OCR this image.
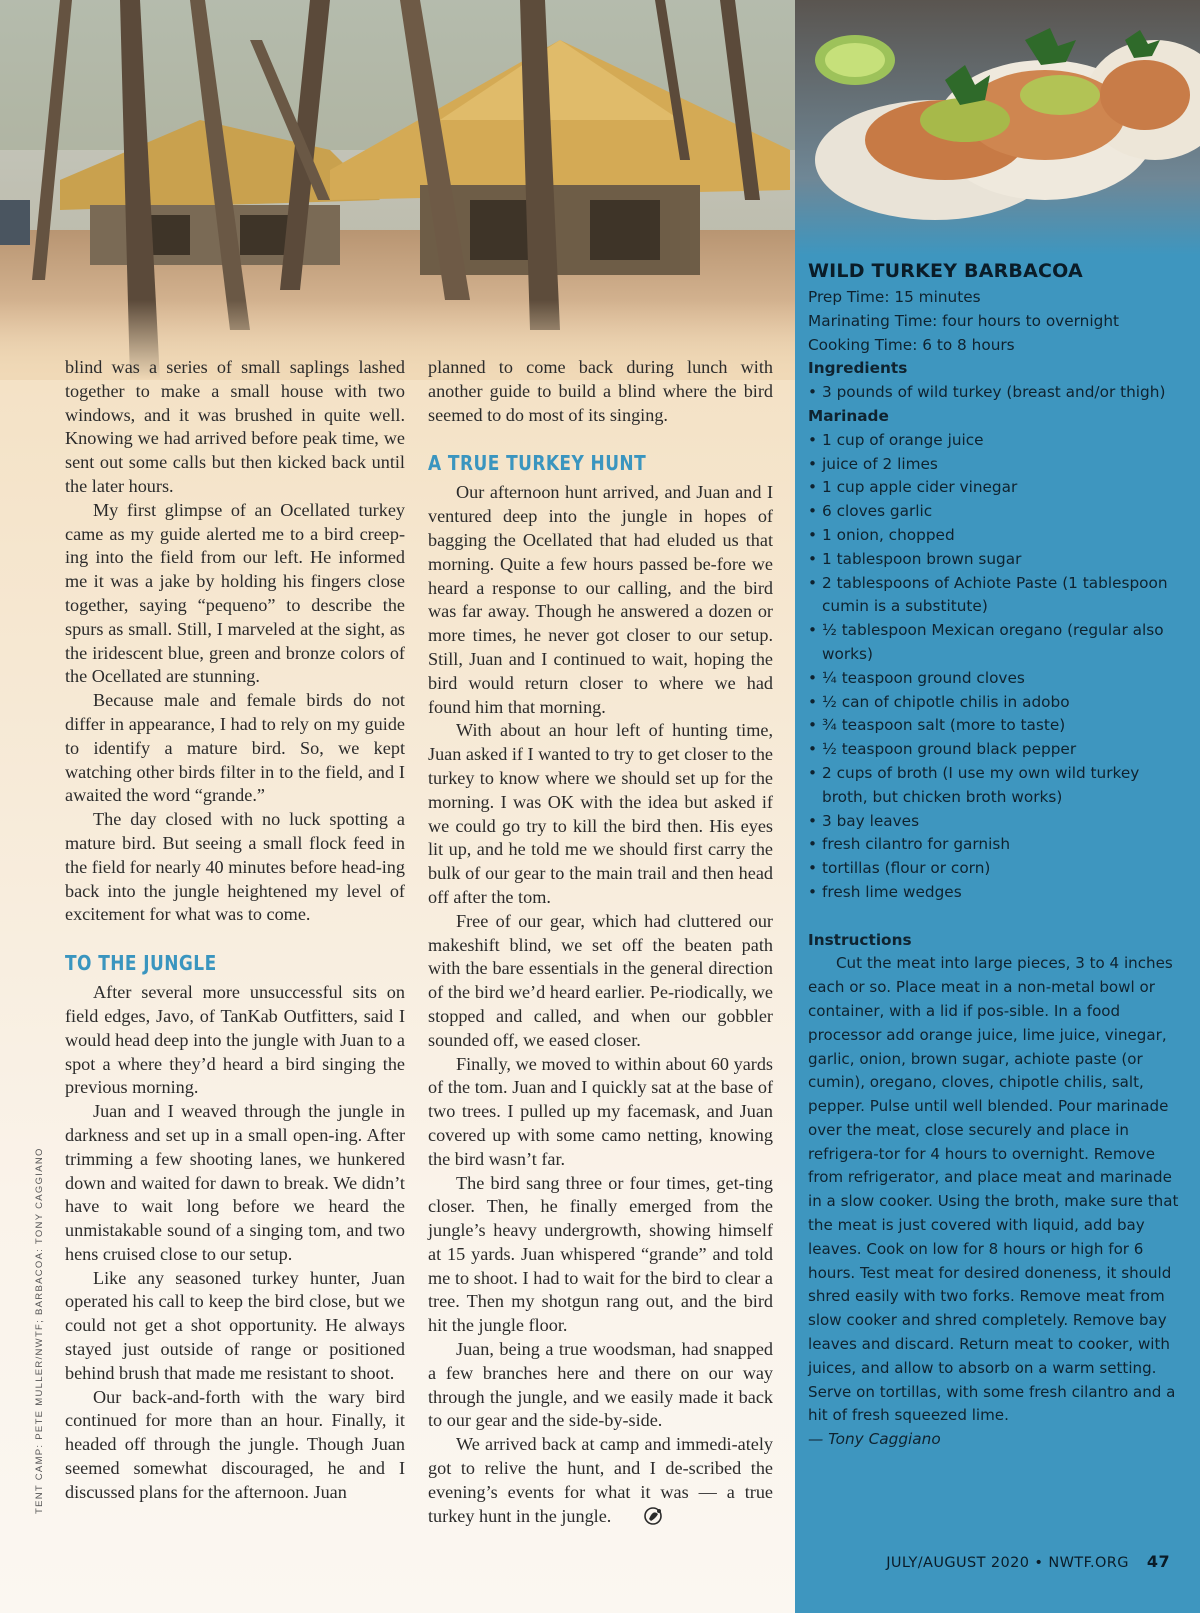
blind was a series of small saplings lashed together to make a small house with two windows, and it was brushed in quite well. Knowing we had arrived before peak time, we sent out some calls but then kicked back until the later hours.

My first glimpse of an Ocellated turkey came as my guide alerted me to a bird creep-ing into the field from our left. He informed me it was a jake by holding his fingers close together, saying “pequeno” to describe the spurs as small. Still, I marveled at the sight, as the iridescent blue, green and bronze colors of the Ocellated are stunning.

Because male and female birds do not differ in appearance, I had to rely on my guide to identify a mature bird. So, we kept watching other birds filter in to the field, and I awaited the word “grande.”

The day closed with no luck spotting a mature bird. But seeing a small flock feed in the field for nearly 40 minutes before head-ing back into the jungle heightened my level of excitement for what was to come.

TO THE JUNGLE

After several more unsuccessful sits on field edges, Javo, of TanKab Outfitters, said I would head deep into the jungle with Juan to a spot a where they’d heard a bird singing the previous morning.

Juan and I weaved through the jungle in darkness and set up in a small open-ing. After trimming a few shooting lanes, we hunkered down and waited for dawn to break. We didn’t have to wait long before we heard the unmistakable sound of a singing tom, and two hens cruised close to our setup.

Like any seasoned turkey hunter, Juan operated his call to keep the bird close, but we could not get a shot opportunity. He always stayed just outside of range or positioned behind brush that made me resistant to shoot.

Our back-and-forth with the wary bird continued for more than an hour. Finally, it headed off through the jungle. Though Juan seemed somewhat discouraged, he and I discussed plans for the afternoon. Juan

planned to come back during lunch with another guide to build a blind where the bird seemed to do most of its singing.

A TRUE TURKEY HUNT

Our afternoon hunt arrived, and Juan and I ventured deep into the jungle in hopes of bagging the Ocellated that had eluded us that morning. Quite a few hours passed be-fore we heard a response to our calling, and the bird was far away. Though he answered a dozen or more times, he never got closer to our setup. Still, Juan and I continued to wait, hoping the bird would return closer to where we had found him that morning.

With about an hour left of hunting time, Juan asked if I wanted to try to get closer to the turkey to know where we should set up for the morning. I was OK with the idea but asked if we could go try to kill the bird then. His eyes lit up, and he told me we should first carry the bulk of our gear to the main trail and then head off after the tom.

Free of our gear, which had cluttered our makeshift blind, we set off the beaten path with the bare essentials in the general direction of the bird we’d heard earlier. Pe-riodically, we stopped and called, and when our gobbler sounded off, we eased closer.

Finally, we moved to within about 60 yards of the tom. Juan and I quickly sat at the base of two trees. I pulled up my facemask, and Juan covered up with some camo netting, knowing the bird wasn’t far.

The bird sang three or four times, get-ting closer. Then, he finally emerged from the jungle’s heavy undergrowth, showing himself at 15 yards. Juan whispered “grande” and told me to shoot. I had to wait for the bird to clear a tree. Then my shotgun rang out, and the bird hit the jungle floor.

Juan, being a true woodsman, had snapped a few branches here and there on our way through the jungle, and we easily made it back to our gear and the side-by-side.

We arrived back at camp and immedi-ately got to relive the hunt, and I de-scribed the evening’s events for what it was — a true turkey hunt in the jungle.

TENT CAMP: PETE MULLER/NWTF; BARBACOA: TONY CAGGIANO
WILD TURKEY BARBACOA

Prep Time: 15 minutes

Marinating Time: four hours to overnight

Cooking Time: 6 to 8 hours

Ingredients

• 3 pounds of wild turkey (breast and/or thigh)

Marinade

• 1 cup of orange juice
• juice of 2 limes
• 1 cup apple cider vinegar
• 6 cloves garlic
• 1 onion, chopped
• 1 tablespoon brown sugar
• 2 tablespoons of Achiote Paste (1 tablespoon cumin is a substitute)
• ½ tablespoon Mexican oregano (regular also works)
• ¼ teaspoon ground cloves
• ½ can of chipotle chilis in adobo
• ¾ teaspoon salt (more to taste)
• ½ teaspoon ground black pepper
• 2 cups of broth (I use my own wild turkey broth, but chicken broth works)
• 3 bay leaves
• fresh cilantro for garnish
• tortillas (flour or corn)
• fresh lime wedges

Instructions

Cut the meat into large pieces, 3 to 4 inches each or so. Place meat in a non-metal bowl or container, with a lid if pos-sible. In a food processor add orange juice, lime juice, vinegar, garlic, onion, brown sugar, achiote paste (or cumin), oregano, cloves, chipotle chilis, salt, pepper. Pulse until well blended. Pour marinade over the meat, close securely and place in refrigera-tor for 4 hours to overnight. Remove from refrigerator, and place meat and marinade in a slow cooker. Using the broth, make sure that the meat is just covered with liquid, add bay leaves. Cook on low for 8 hours or high for 6 hours. Test meat for desired doneness, it should shred easily with two forks. Remove meat from slow cooker and shred completely. Remove bay leaves and discard. Return meat to cooker, with juices, and allow to absorb on a warm setting. Serve on tortillas, with some fresh cilantro and a hit of fresh squeezed lime.

— Tony Caggiano

JULY/AUGUST 2020 • NWTF.ORG 47
